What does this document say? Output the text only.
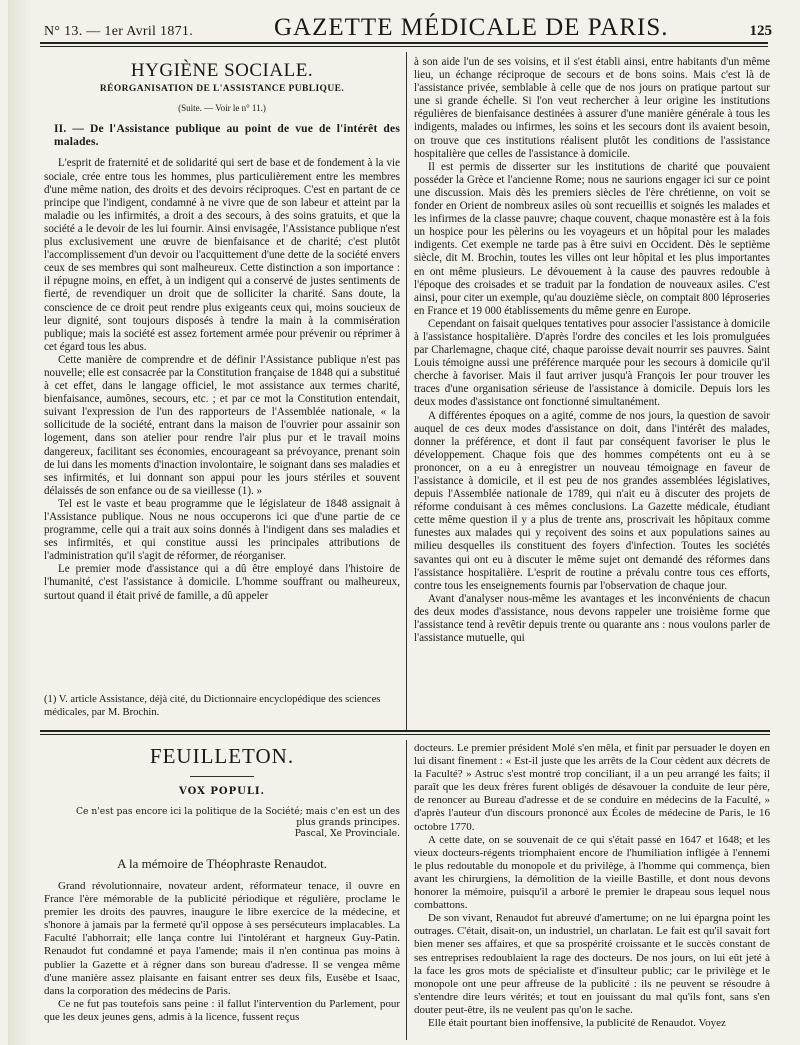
N° 13. — 1er Avril 1871.	GAZETTE MÉDICALE DE PARIS.	125
HYGIÈNE SOCIALE.
RÉORGANISATION DE L'ASSISTANCE PUBLIQUE.
(Suite. — Voir le n° 11.)
II. — De l'Assistance publique au point de vue de l'intérêt des malades.

L'esprit de fraternité et de solidarité qui sert de base et de fondement à la vie sociale, crée entre tous les hommes, plus particulièrement entre les membres d'une même nation, des droits et des devoirs réciproques. C'est en partant de ce principe que l'indigent, condamné à ne vivre que de son labeur et atteint par la maladie ou les infirmités, a droit a des secours, à des soins gratuits, et que la société a le devoir de les lui fournir. Ainsi envisagée, l'Assistance publique n'est plus exclusivement une œuvre de bienfaisance et de charité; c'est plutôt l'accomplissement d'un devoir ou l'acquittement d'une dette de la société envers ceux de ses membres qui sont malheureux. Cette distinction a son importance : il répugne moins, en effet, à un indigent qui a conservé de justes sentiments de fierté, de revendiquer un droit que de solliciter la charité. Sans doute, la conscience de ce droit peut rendre plus exigeants ceux qui, moins soucieux de leur dignité, sont toujours disposés à tendre la main à la commisération publique; mais la société est assez fortement armée pour prévenir ou réprimer à cet égard tous les abus.

Cette manière de comprendre et de définir l'Assistance publique n'est pas nouvelle; elle est consacrée par la Constitution française de 1848 qui a substitué à cet effet, dans le langage officiel, le mot assistance aux termes charité, bienfaisance, aumônes, secours, etc. ; et par ce mot la Constitution entendait, suivant l'expression de l'un des rapporteurs de l'Assemblée nationale, « la sollicitude de la société, entrant dans la maison de l'ouvrier pour assainir son logement, dans son atelier pour rendre l'air plus pur et le travail moins dangereux, facilitant ses économies, encourageant sa prévoyance, prenant soin de lui dans les moments d'inaction involontaire, le soignant dans ses maladies et ses infirmités, et lui donnant son appui pour les jours stériles et souvent délaissés de son enfance ou de sa vieillesse (1). »

Tel est le vaste et beau programme que le législateur de 1848 assignait à l'Assistance publique. Nous ne nous occuperons ici que d'une partie de ce programme, celle qui a trait aux soins donnés à l'indigent dans ses maladies et ses infirmités, et qui constitue aussi les principales attributions de l'administration qu'il s'agit de réformer, de réorganiser.

Le premier mode d'assistance qui a dû être employé dans l'histoire de l'humanité, c'est l'assistance à domicile. L'homme souffrant ou malheureux, surtout quand il était privé de famille, a dû appeler

(1) V. article Assistance, déjà cité, du Dictionnaire encyclopédique des sciences médicales, par M. Brochin.

à son aide l'un de ses voisins, et il s'est établi ainsi, entre habitants d'un même lieu, un échange réciproque de secours et de bons soins. Mais c'est là de l'assistance privée, semblable à celle que de nos jours on pratique partout sur une si grande échelle. Si l'on veut rechercher à leur origine les institutions régulières de bienfaisance destinées à assurer d'une manière générale à tous les indigents, malades ou infirmes, les soins et les secours dont ils avaient besoin, on trouve que ces institutions réalisent plutôt les conditions de l'assistance hospitalière que celles de l'assistance à domicile.

Il est permis de disserter sur les institutions de charité que pouvaient posséder la Grèce et l'ancienne Rome; nous ne saurions engager ici sur ce point une discussion. Mais dès les premiers siècles de l'ère chrétienne, on voit se fonder en Orient de nombreux asiles où sont recueillis et soignés les malades et les infirmes de la classe pauvre; chaque couvent, chaque monastère est à la fois un hospice pour les pèlerins ou les voyageurs et un hôpital pour les malades indigents. Cet exemple ne tarde pas à être suivi en Occident. Dès le septième siècle, dit M. Brochin, toutes les villes ont leur hôpital et les plus importantes en ont même plusieurs. Le dévouement à la cause des pauvres redouble à l'époque des croisades et se traduit par la fondation de nouveaux asiles. C'est ainsi, pour citer un exemple, qu'au douzième siècle, on comptait 800 léproseries en France et 19 000 établissements du même genre en Europe.

Cependant on faisait quelques tentatives pour associer l'assistance à domicile à l'assistance hospitalière. D'après l'ordre des conciles et les lois promulguées par Charlemagne, chaque cité, chaque paroisse devait nourrir ses pauvres. Saint Louis témoigne aussi une préférence marquée pour les secours à domicile qu'il cherche à favoriser. Mais il faut arriver jusqu'à François Ier pour trouver les traces d'une organisation sérieuse de l'assistance à domicile. Depuis lors les deux modes d'assistance ont fonctionné simultanément.

A différentes époques on a agité, comme de nos jours, la question de savoir auquel de ces deux modes d'assistance on doit, dans l'intérêt des malades, donner la préférence, et dont il faut par conséquent favoriser le plus le développement. Chaque fois que des hommes compétents ont eu à se prononcer, on a eu à enregistrer un nouveau témoignage en faveur de l'assistance à domicile, et il est peu de nos grandes assemblées législatives, depuis l'Assemblée nationale de 1789, qui n'ait eu à discuter des projets de réforme conduisant à ces mêmes conclusions. La Gazette médicale, étudiant cette même question il y a plus de trente ans, proscrivait les hôpitaux comme funestes aux malades qui y reçoivent des soins et aux populations saines au milieu desquelles ils constituent des foyers d'infection. Toutes les sociétés savantes qui ont eu à discuter le même sujet ont demandé des réformes dans l'assistance hospitalière. L'esprit de routine a prévalu contre tous ces efforts, contre tous les enseignements fournis par l'observation de chaque jour.

Avant d'analyser nous-même les avantages et les inconvénients de chacun des deux modes d'assistance, nous devons rappeler une troisième forme que l'assistance tend à revêtir depuis trente ou quarante ans : nous voulons parler de l'assistance mutuelle, qui

FEUILLETON.
VOX POPULI.
Ce n'est pas encore ici la politique de la Société; mais c'en est un des plus grands principes.
Pascal, Xe Provinciale.
A la mémoire de Théophraste Renaudot.

Grand révolutionnaire, novateur ardent, réformateur tenace, il ouvre en France l'ère mémorable de la publicité périodique et régulière, proclame le premier les droits des pauvres, inaugure le libre exercice de la médecine, et s'honore à jamais par la fermeté qu'il oppose à ses persécuteurs implacables. La Faculté l'abhorrait; elle lança contre lui l'intolérant et hargneux Guy-Patin. Renaudot fut condamné et paya l'amende; mais il n'en continua pas moins à publier la Gazette et à régner dans son bureau d'adresse. Il se vengea même d'une manière assez plaisante en faisant entrer ses deux fils, Eusèbe et Isaac, dans la corporation des médecins de Paris.

Ce ne fut pas toutefois sans peine : il fallut l'intervention du Parlement, pour que les deux jeunes gens, admis à la licence, fussent reçus

docteurs. Le premier président Molé s'en mêla, et finit par persuader le doyen en lui disant finement : « Est-il juste que les arrêts de la Cour cèdent aux décrets de la Faculté? » Astruc s'est montré trop conciliant, il a un peu arrangé les faits; il paraît que les deux frères furent obligés de désavouer la conduite de leur père, de renoncer au Bureau d'adresse et de se conduire en médecins de la Faculté, » d'après l'auteur d'un discours prononcé aux Écoles de médecine de Paris, le 16 octobre 1770.

A cette date, on se souvenait de ce qui s'était passé en 1647 et 1648; et les vieux docteurs-régents triomphaient encore de l'humiliation infligée à l'ennemi le plus redoutable du monopole et du privilège, à l'homme qui commença, bien avant les chirurgiens, la démolition de la vieille Bastille, et dont nous devons honorer la mémoire, puisqu'il a arboré le premier le drapeau sous lequel nous combattons.

De son vivant, Renaudot fut abreuvé d'amertume; on ne lui épargna point les outrages. C'était, disait-on, un industriel, un charlatan. Le fait est qu'il savait fort bien mener ses affaires, et que sa prospérité croissante et le succès constant de ses entreprises redoublaient la rage des docteurs. De nos jours, on lui eût jeté à la face les gros mots de spécialiste et d'insulteur public; car le privilège et le monopole ont une peur affreuse de la publicité : ils ne peuvent se résoudre à s'entendre dire leurs vérités; et tout en jouissant du mal qu'ils font, sans s'en douter peut-être, ils ne veulent pas qu'on le sache.

Elle était pourtant bien inoffensive, la publicité de Renaudot. Voyez
